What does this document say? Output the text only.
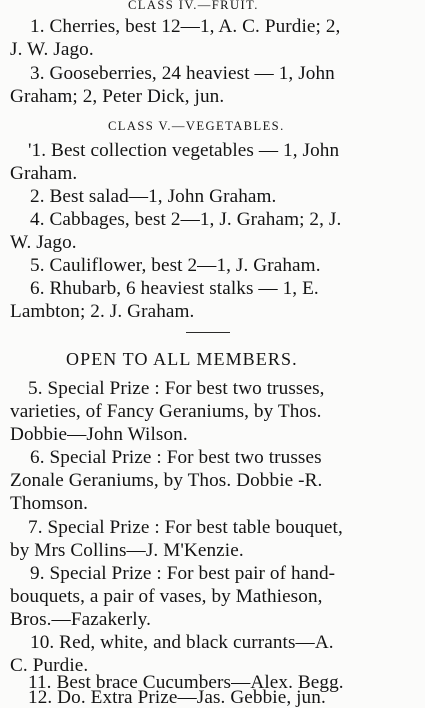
CLASS IV.—FRUIT.
1. Cherries, best 12—1, A. C. Purdie; 2,
J. W. Jago.
3. Gooseberries, 24 heaviest — 1, John
Graham; 2, Peter Dick, jun.
CLASS V.—VEGETABLES.
'1. Best collection vegetables — 1, John
Graham.
2. Best salad—1, John Graham.
4. Cabbages, best 2—1, J. Graham; 2, J.
W. Jago.
5. Cauliflower, best 2—1, J. Graham.
6. Rhubarb, 6 heaviest stalks — 1, E.
Lambton; 2. J. Graham.
OPEN TO ALL MEMBERS.
5. Special Prize : For best two trusses,
varieties, of Fancy Geraniums, by Thos.
Dobbie—John Wilson.
6. Special Prize : For best two trusses
Zonale Geraniums, by Thos. Dobbie -R.
Thomson.
7. Special Prize : For best table bouquet,
by Mrs Collins—J. M'Kenzie.
9. Special Prize : For best pair of hand-
bouquets, a pair of vases, by Mathieson,
Bros.—Fazakerly.
10. Red, white, and black currants—A.
C. Purdie.
11. Best brace Cucumbers—Alex. Begg.
12. Do. Extra Prize—Jas. Gebbie, jun.
